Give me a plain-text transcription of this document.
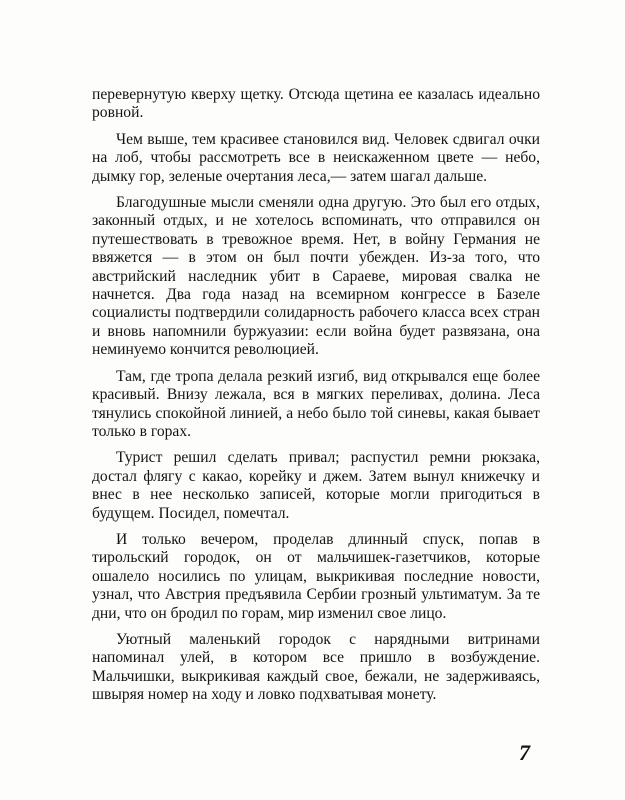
перевернутую кверху щетку. Отсюда щетина ее казалась идеально ровной.

Чем выше, тем красивее становился вид. Человек сдвигал очки на лоб, чтобы рассмотреть все в неискаженном цвете — небо, дымку гор, зеленые очертания леса,— затем шагал дальше.

Благодушные мысли сменяли одна другую. Это был его отдых, законный отдых, и не хотелось вспоминать, что отправился он путешествовать в тревожное время. Нет, в войну Германия не ввяжется — в этом он был почти убежден. Из-за того, что австрийский наследник убит в Сараеве, мировая свалка не начнется. Два года назад на всемирном конгрессе в Базеле социалисты подтвердили солидарность рабочего класса всех стран и вновь напомнили буржуазии: если война будет развязана, она неминуемо кончится революцией.

Там, где тропа делала резкий изгиб, вид открывался еще более красивый. Внизу лежала, вся в мягких переливах, долина. Леса тянулись спокойной линией, а небо было той синевы, какая бывает только в горах.

Турист решил сделать привал; распустил ремни рюкзака, достал флягу с какао, корейку и джем. Затем вынул книжечку и внес в нее несколько записей, которые могли пригодиться в будущем. Посидел, помечтал.

И только вечером, проделав длинный спуск, попав в тирольский городок, он от мальчишек-газетчиков, которые ошалело носились по улицам, выкрикивая последние новости, узнал, что Австрия предъявила Сербии грозный ультиматум. За те дни, что он бродил по горам, мир изменил свое лицо.

Уютный маленький городок с нарядными витринами напоминал улей, в котором все пришло в возбуждение. Мальчишки, выкрикивая каждый свое, бежали, не задерживаясь, швыряя номер на ходу и ловко подхватывая монету.

7
